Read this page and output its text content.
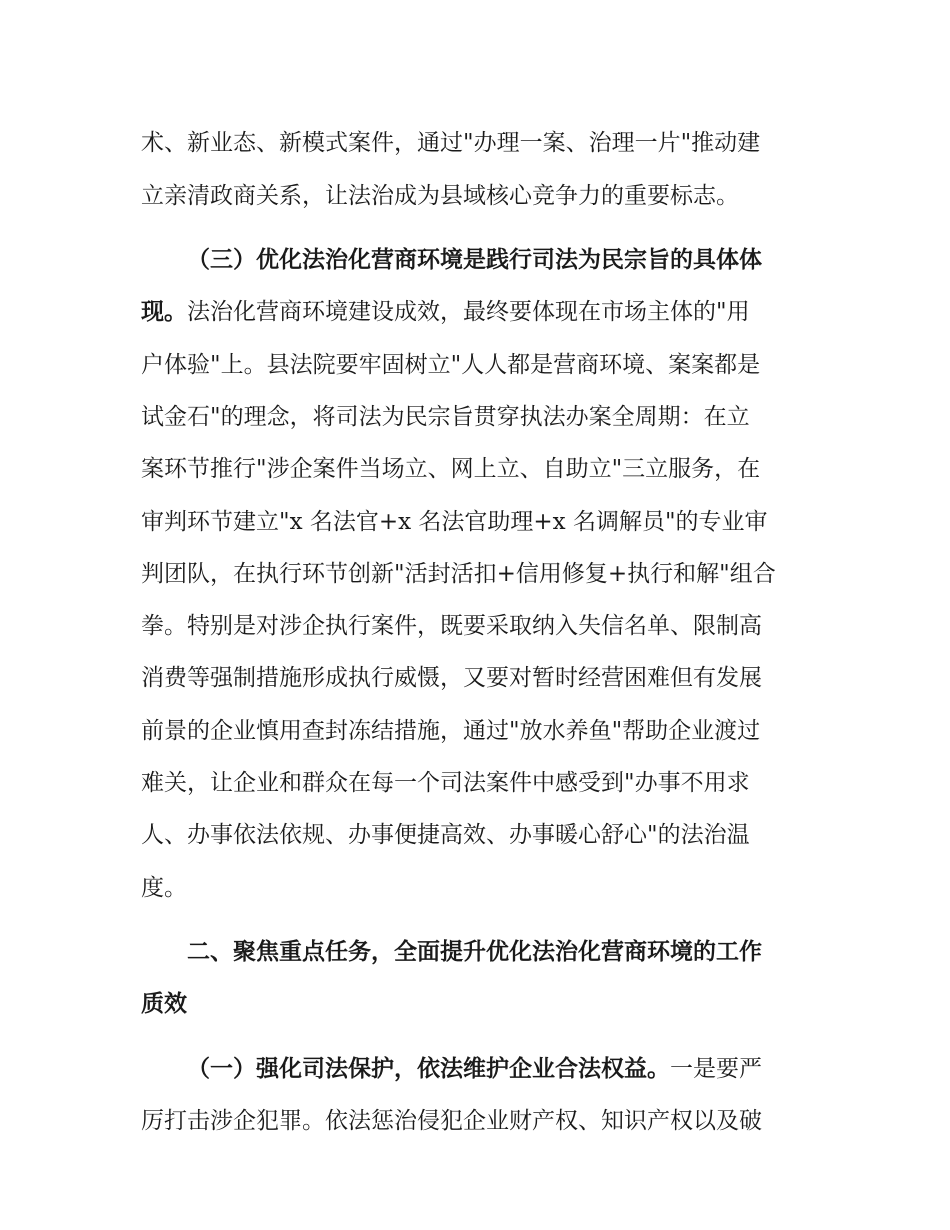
术、新业态、新模式案件，通过"办理一案、治理一片"推动建
立亲清政商关系，让法治成为县域核心竞争力的重要标志。
（三）优化法治化营商环境是践行司法为民宗旨的具体体
现。 法治化营商环境建设成效，最终要体现在市场主体的"用
户体验"上。县法院要牢固树立"人人都是营商环境、案案都是
试金石"的理念，将司法为民宗旨贯穿执法办案全周期：在立
案环节推行"涉企案件当场立、网上立、自助立"三立服务，在
审判环节建立"x 名法官+x 名法官助理+x 名调解员"的专业审
判团队，在执行环节创新"活封活扣+信用修复+执行和解"组合
拳。特别是对涉企执行案件，既要采取纳入失信名单、限制高
消费等强制措施形成执行威慑，又要对暂时经营困难但有发展
前景的企业慎用查封冻结措施，通过"放水养鱼"帮助企业渡过
难关，让企业和群众在每一个司法案件中感受到"办事不用求
人、办事依法依规、办事便捷高效、办事暖心舒心"的法治温
度。
二、聚焦重点任务，全面提升优化法治化营商环境的工作
质效
（一）强化司法保护，依法维护企业合法权益。 一是要严
厉打击涉企犯罪。依法惩治侵犯企业财产权、知识产权以及破
